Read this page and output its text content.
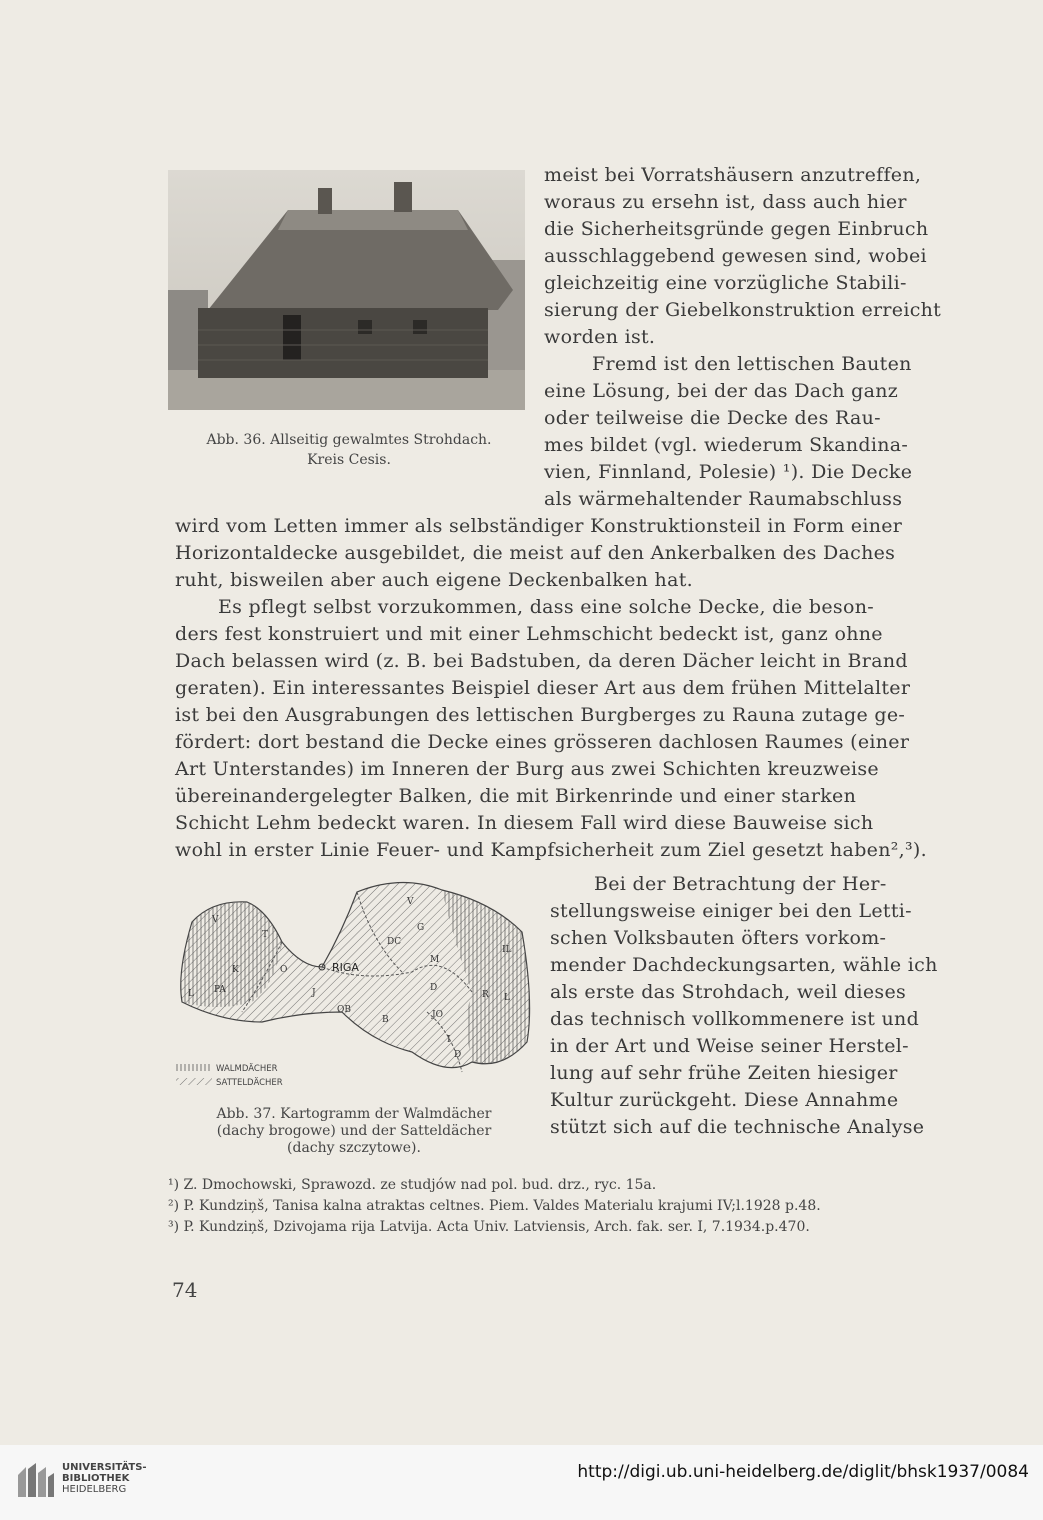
Abb. 36. Allseitig gewalmtes Strohdach.
Kreis Cesis.
meist bei Vorratshäusern anzutreffen,
woraus zu ersehn ist, dass auch hier
die Sicherheitsgründe gegen Einbruch
ausschlaggebend gewesen sind, wobei
gleichzeitig eine vorzügliche Stabili-
sierung der Giebelkonstruktion erreicht
worden ist.
Fremd ist den lettischen Bauten
eine Lösung, bei der das Dach ganz
oder teilweise die Decke des Rau-
mes bildet (vgl. wiederum Skandina-
vien, Finnland, Polesie) ¹). Die Decke
als wärmehaltender Raumabschluss
wird vom Letten immer als selbständiger Konstruktionsteil in Form einer
Horizontaldecke ausgebildet, die meist auf den Ankerbalken des Daches
ruht, bisweilen aber auch eigene Deckenbalken hat.
Es pflegt selbst vorzukommen, dass eine solche Decke, die beson-
ders fest konstruiert und mit einer Lehmschicht bedeckt ist, ganz ohne
Dach belassen wird (z. B. bei Badstuben, da deren Dächer leicht in Brand
geraten). Ein interessantes Beispiel dieser Art aus dem frühen Mittelalter
ist bei den Ausgrabungen des lettischen Burgberges zu Rauna zutage ge-
fördert: dort bestand die Decke eines grösseren dachlosen Raumes (einer
Art Unterstandes) im Inneren der Burg aus zwei Schichten kreuzweise
übereinandergelegter Balken, die mit Birkenrinde und einer starken
Schicht Lehm bedeckt waren. In diesem Fall wird diese Bauweise sich
wohl in erster Linie Feuer- und Kampfsicherheit zum Ziel gesetzt haben²,³).
RIGA
V
T
K	O
PA
L	J
OB
B
D
M
R
I
JO
V
DC
IL
G
D
L
WALMDÄCHER
SATTELDÄCHER
Abb. 37. Kartogramm der Walmdächer
(dachy brogowe) und der Satteldächer
(dachy szczytowe).
Bei der Betrachtung der Her-
stellungsweise einiger bei den Letti-
schen Volksbauten öfters vorkom-
mender Dachdeckungsarten, wähle ich
als erste das Strohdach, weil dieses
das technisch vollkommenere ist und
in der Art und Weise seiner Herstel-
lung auf sehr frühe Zeiten hiesiger
Kultur zurückgeht. Diese Annahme
stützt sich auf die technische Analyse
¹) Z. Dmochowski, Sprawozd. ze studjów nad pol. bud. drz., ryc. 15a.
²) P. Kundziņš, Tanisa kalna atraktas celtnes. Piem. Valdes Materialu krajumi IV;l.1928 p.48.
³) P. Kundziņš, Dzivojama rija Latvija. Acta Univ. Latviensis, Arch. fak. ser. I, 7.1934.p.470.
74
UNIVERSITÄTS-
BIBLIOTHEK
HEIDELBERG
http://digi.ub.uni-heidelberg.de/diglit/bhsk1937/0084
